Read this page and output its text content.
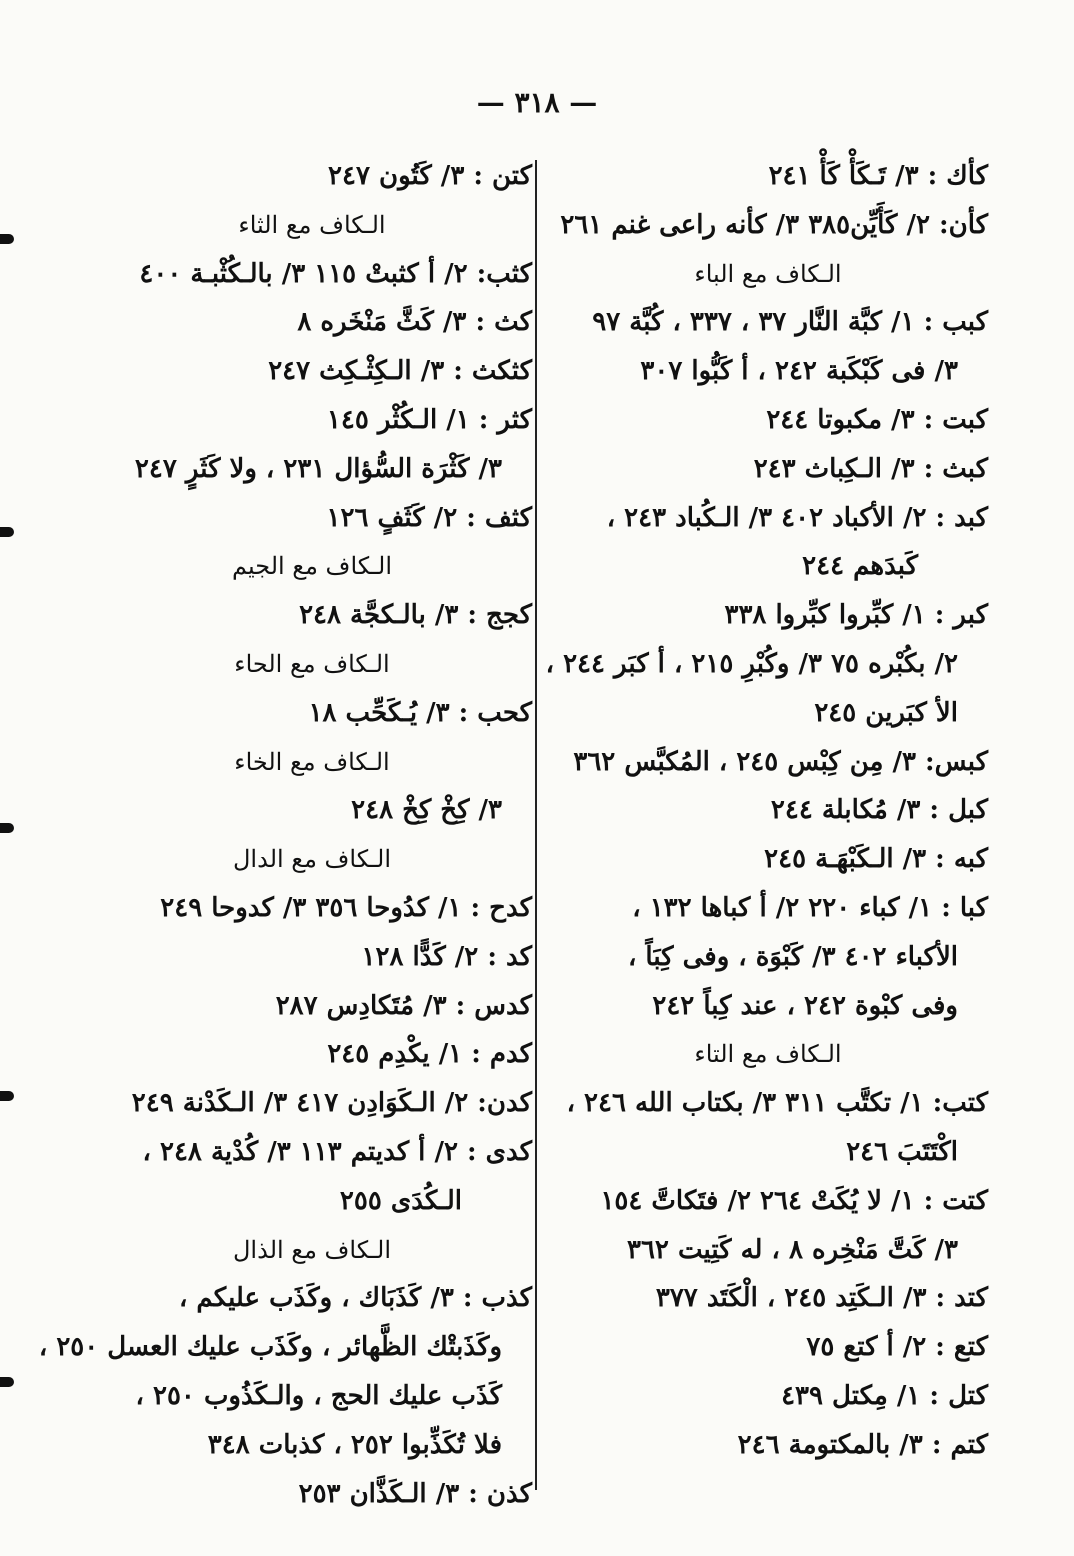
— ٣١٨ —
كأك : ٣/ تَـكَأْ كَأْ ٢٤١
كأن: ٢/ كَأَيِّن٣٨٥ ٣/ كأنه راعى غنم ٢٦١
الـكاف مع الباء
كبب : ١/ كبَّة النَّار ٣٧ ، ٣٣٧ ، كُبَّة ٩٧
٣/ فى كَبْكَبة ٢٤٢ ، أ كَبُّوا ٣٠٧
كبت : ٣/ مكبوتا ٢٤٤
كبث : ٣/ الـكِباث ٢٤٣
كبد : ٢/ الأكباد ٤٠٢ ٣/ الـكُباد ٢٤٣ ،
كَبدَهم ٢٤٤
كبر : ١/ كبِّروا كبِّروا ٣٣٨
٢/ بكُبْره ٧٥ ٣/ وكُبْرِ ٢١٥ ، أ كبَر ٢٤٤ ،
الأ كبَرين ٢٤٥
كبس: ٣/ مِن كِبْس ٢٤٥ ، المُكبَّس ٣٦٢
كبل : ٣/ مُكابلة ٢٤٤
كبه : ٣/ الـكَبْهَـة ٢٤٥
كبا : ١/ كباء ٢٢٠ ٢/ أ كباها ١٣٢ ،
الأكباء ٤٠٢ ٣/ كَبْوَة ، وفى كِبَاً ،
وفى كبْوة ٢٤٢ ، عند كِباً ٢٤٢
الـكاف مع التاء
كتب: ١/ تكتَّب ٣١١ ٣/ بكتاب الله ٢٤٦ ،
اكْتَتَبَ ٢٤٦
كتت : ١/ لا يُكَتْ ٢٦٤ ٢/ فتَكاتَّ ١٥٤
٣/ كَتَّ مَنْخِره ٨ ، له كَتِيت ٣٦٢
كتد : ٣/ الـكَتِد ٢٤٥ ، الْكَتَد ٣٧٧
كتع : ٢/ أ كتع ٧٥
كتل : ١/ مِكتل ٤٣٩
كتم : ٣/ بالمكتومة ٢٤٦
كتن : ٣/ كَتُون ٢٤٧
الـكاف مع الثاء
كثب: ٢/ أ كثبتْ ١١٥ ٣/ بالـكُثْبـة ٤٠٠
كث : ٣/ كَثَّ مَنْخَره ٨
كثكث : ٣/ الـكِثْـكِث ٢٤٧
كثر : ١/ الـكُثْر ١٤٥
٣/ كَثْرَة السُّؤال ٢٣١ ، ولا كَثَرٍ ٢٤٧
كثف : ٢/ كَثَفٍ ١٢٦
الـكاف مع الجيم
كجج : ٣/ بالـكجَّة ٢٤٨
الـكاف مع الحاء
كحب : ٣/ يُـكَحِّب ١٨
الـكاف مع الخاء
٣/ كِخْ كِخْ ٢٤٨
الـكاف مع الدال
كدح : ١/ كدُوحا ٣٥٦ ٣/ كدوحا ٢٤٩
كد : ٢/ كَدًّا ١٢٨
كدس : ٣/ مُتَكادِس ٢٨٧
كدم : ١/ يكْدِم ٢٤٥
كدن: ٢/ الـكَوَادِن ٤١٧ ٣/ الـكَدْنة ٢٤٩
كدى : ٢/ أ كديتم ١١٣ ٣/ كُدْية ٢٤٨ ،
الـكُدَى ٢٥٥
الـكاف مع الذال
كذب : ٣/ كَذَبَاك ، وكَذَب عليكم ،
وكَذَبتْك الظَّهائر ، وكَذَب عليك العسل ٢٥٠ ،
كَذَب عليك الحج ، والـكَذُوب ٢٥٠ ،
فلا تُكَذِّبوا ٢٥٢ ، كذبات ٣٤٨
كذن : ٣/ الـكَذَّان ٢٥٣
